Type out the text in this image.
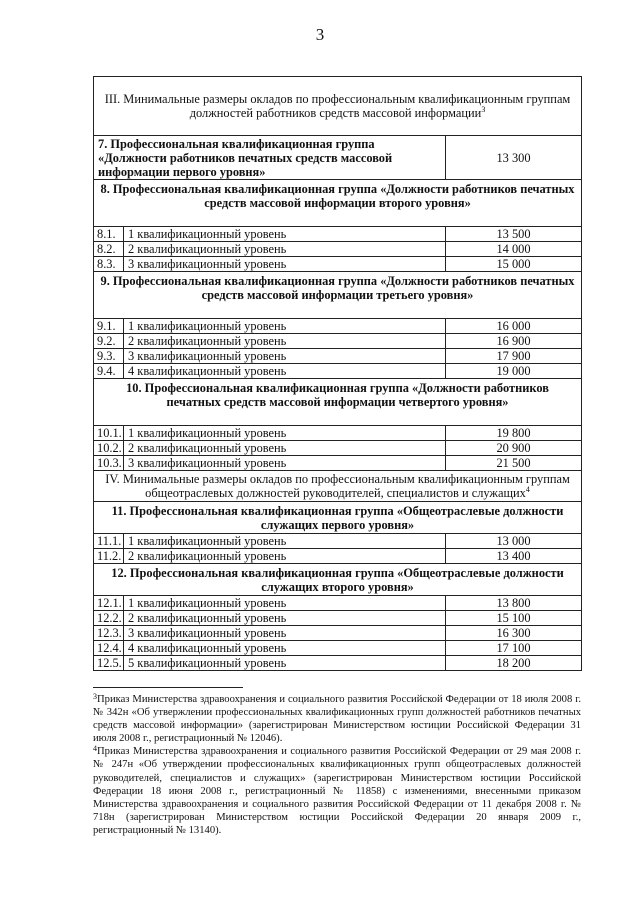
3
III. Минимальные размеры окладов по профессиональным квалификационным группам должностей работников средств массовой информации$^3$
7. Профессиональная квалификационная группа «Должности работников печатных средств массовой информации первого уровня»		13 300
8. Профессиональная квалификационная группа «Должности работников печатных средств массовой информации второго уровня»		
8.1.	1 квалификационный уровень	13 500
8.2.	2 квалификационный уровень	14 000
8.3.	3 квалификационный уровень	15 000
9. Профессиональная квалификационная группа «Должности работников печатных средств массовой информации третьего уровня»		
9.1.	1 квалификационный уровень	16 000
9.2.	2 квалификационный уровень	16 900
9.3.	3 квалификационный уровень	17 900
9.4.	4 квалификационный уровень	19 000
10. Профессиональная квалификационная группа «Должности работников печатных средств массовой информации четвертого уровня»		
10.1.	1 квалификационный уровень	19 800
10.2.	2 квалификационный уровень	20 900
10.3.	3 квалификационный уровень	21 500
IV. Минимальные размеры окладов по профессиональным квалификационным группам общеотраслевых должностей руководителей, специалистов и служащих$^4$
11. Профессиональная квалификационная группа «Общеотраслевые должности служащих первого уровня»		
11.1.	1 квалификационный уровень	13 000
11.2.	2 квалификационный уровень	13 400
12. Профессиональная квалификационная группа «Общеотраслевые должности служащих второго уровня»		
12.1.	1 квалификационный уровень	13 800
12.2.	2 квалификационный уровень	15 100
12.3.	3 квалификационный уровень	16 300
12.4.	4 квалификационный уровень	17 100
12.5.	5 квалификационный уровень	18 200

$^3$Приказ Министерства здравоохранения и социального развития Российской Федерации от 18 июля 2008 г. № 342н «Об утвержлении профессиональных квалификационных групп должностей работников печатных средств массовой информации» (зарегистрирован Министерством юстиции Российской Федерации 31 июля 2008 г., регистрационный № 12046).

$^4$Приказ Министерства здравоохранения и социального развития Российской Федерации от 29 мая 2008 г. № 247н «Об утверждении профессиональных квалификационных групп общеотраслевых должностей руководителей, специалистов и служащих» (зарегистрирован Министерством юстиции Российской Федерации 18 июня 2008 г., регистрационный № 11858) с изменениями, внесенными приказом Министерства здравоохранения и социального развития Российской Федерации от 11 декабря 2008 г. № 718н (зарегистрирован Министерством юстиции Российской Федерации 20 января 2009 г., регистрационный № 13140).
